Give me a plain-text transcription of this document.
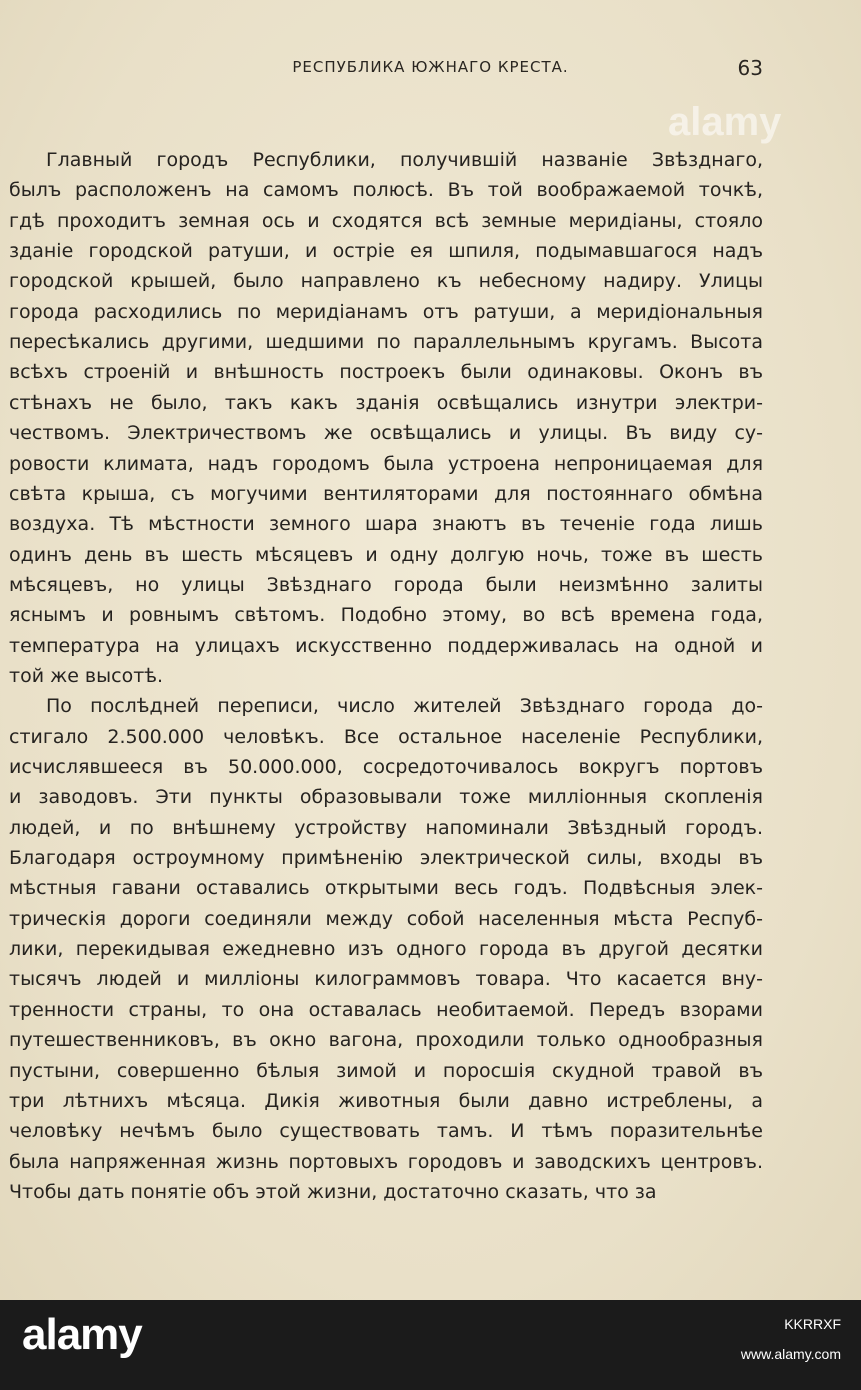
РЕСПУБЛИКА ЮЖНАГО КРЕСТА.	63
alamy
Главный городъ Республики, получившій названіе Звѣзднаго,
былъ расположенъ на самомъ полюсѣ. Въ той воображаемой точкѣ,
гдѣ проходитъ земная ось и сходятся всѣ земные меридіаны, стояло
зданіе городской ратуши, и остріе ея шпиля, подымавшагося надъ
городской крышей, было направлено къ небесному надиру. Улицы
города расходились по меридіанамъ отъ ратуши, а меридіональныя
пересѣкались другими, шедшими по параллельнымъ кругамъ. Высота
всѣхъ строеній и внѣшность построекъ были одинаковы. Оконъ въ
стѣнахъ не было, такъ какъ зданія освѣщались изнутри электри-
чествомъ. Электричествомъ же освѣщались и улицы. Въ виду су-
ровости климата, надъ городомъ была устроена непроницаемая для
свѣта крыша, съ могучими вентиляторами для постояннаго обмѣна
воздуха. Тѣ мѣстности земного шара знаютъ въ теченіе года лишь
одинъ день въ шесть мѣсяцевъ и одну долгую ночь, тоже въ шесть
мѣсяцевъ, но улицы Звѣзднаго города были неизмѣнно залиты
яснымъ и ровнымъ свѣтомъ. Подобно этому, во всѣ времена года,
температура на улицахъ искусственно поддерживалась на одной и
той же высотѣ.
По послѣдней переписи, число жителей Звѣзднаго города до-
стигало 2.500.000 человѣкъ. Все остальное населеніе Республики,
исчислявшееся въ 50.000.000, сосредоточивалось вокругъ портовъ
и заводовъ. Эти пункты образовывали тоже милліонныя скопленія
людей, и по внѣшнему устройству напоминали Звѣздный городъ.
Благодаря остроумному примѣненію электрической силы, входы въ
мѣстныя гавани оставались открытыми весь годъ. Подвѣсныя элек-
трическія дороги соединяли между собой населенныя мѣста Респуб-
лики, перекидывая ежедневно изъ одного города въ другой десятки
тысячъ людей и милліоны килограммовъ товара. Что касается вну-
тренности страны, то она оставалась необитаемой. Передъ взорами
путешественниковъ, въ окно вагона, проходили только однообразныя
пустыни, совершенно бѣлыя зимой и поросшія скудной травой въ
три лѣтнихъ мѣсяца. Дикія животныя были давно истреблены, а
человѣку нечѣмъ было существовать тамъ. И тѣмъ поразительнѣе
была напряженная жизнь портовыхъ городовъ и заводскихъ центровъ.
Чтобы дать понятіе объ этой жизни, достаточно сказать, что за
alamy	KKRRXF
www.alamy.com
